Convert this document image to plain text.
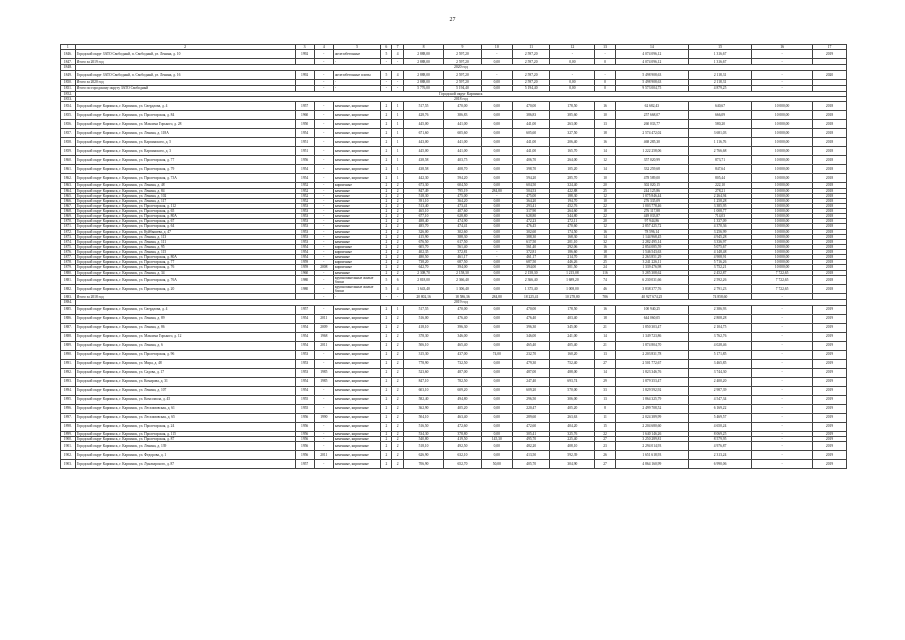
27
1	2	3	4	5	6	7	8	9	10	11	12	13	14	15	16	17
1846.	Городской округ ЗАТО Свободный, п. Свободный, ул. Ленина, д. 10	1992	-	железобетонные	5	4	2 888,00	2 597,20	-	2 597,20	-	-	4 074 096,12	1 316,67	-	2019
1847.	Итого за 2019 год		-	-	-	-	2 888,00	2 597,20	0,00	2 597,20	0,00	0	4 074 096,12	1 316,67	-	
1848.	2020 год															
1849.	Городской округ ЗАТО Свободный, п. Свободный, ул. Ленина, д. 16	1992	-	железобетонные плиты	5	4	2 888,00	2 597,20	-	2 597,20	-	-	5 498 908,63	2 118,31	-	2020
1850.	Итого за 2020 год		-	-	-	-	2 888,00	2 597,20	0,00	2 597,20	0,00	0	5 498 908,63	2 118,31	-	
1851.	Итого по городскому округу ЗАТО Свободный		-	-	-	-	5 776,00	5 194,40	0,00	5 194,40	0,00	0	9 573 004,75	4 879,25	-	
1852.	Городской округ Карпинск															
1853.	2018 год															
1854.	Городской округ Карпинск, г. Карпинск, ул. Свердлова, д. 4	1957	-	каменные, кирпичные	2	1	517,55	470,00	0,00	470,00	178,50	16	62 682,43	640,67	10 000,00	2018
1855.	Городской округ Карпинск, г. Карпинск, ул. Пролетарская, д. 84	1960	-	каменные, кирпичные	2	1	428,76	386,83	0,00	386,83	385,60	10	257 668,07	666,09	10 000,00	2018
1856.	Городской округ Карпинск, г. Карпинск, ул. Максима Горького, д. 28	1950	-	каменные, кирпичные	2	1	445,00	441,00	0,00	441,00	263,00	13	260 033,77	580,20	10 000,00	2018
1857.	Городской округ Карпинск, г. Карпинск, ул. Ленина, д. 118А	1954	-	каменные, кирпичные	2	1	671,60	605,60	0,00	605,60	327,50	18	2 574 472,02	3 681,03	10 000,00	2018
1858.	Городской округ Карпинск, г. Карпинск, ул. Карпинского, д. 5	1951	-	каменные, кирпичные	2	1	443,00	441,00	0,00	441,00	206,40	16	468 285,30	1 116,76	10 000,00	2018
1859.	Городской округ Карпинск, г. Карпинск, ул. Карпинского, д. 3	1951	-	каменные, кирпичные	2	1	445,00	441,00	0,00	441,00	165,70	14	1 222 258,06	2 766,68	10 000,00	2018
1860.	Городской округ Карпинск, г. Карпинск, ул. Пролетарская, д. 77	1956	-	каменные, кирпичные	2	1	438,58	403,75	0,00	406,70	264,00	12	357 020,99	873,71	10 000,00	2018
1861.	Городской округ Карпинск, г. Карпинск, ул. Пролетарская, д. 79	1954	-	каменные, кирпичные	2	1	438,58	408,70	0,00	398,70	105,20	14	332 259,68	847,64	10 000,00	2018
1862.	Городской округ Карпинск, г. Карпинск, ул. Пролетарская, д. 73А	1954	-	каменные, кирпичные	2	1	442,30	594,20	0,00	594,20	285,70	10	478 589,00	805,44	10 000,00	2018
1863.	Городской округ Карпинск, г. Карпинск, ул. Ленина, д. 48	1952	-	кирпичные	2	2	673,30	604,50	0,00	604,50	324,40	20	302 020,15	222,10	10 000,00	2018
1864.	Городской округ Карпинск, г. Карпинск, ул. Ленина, д. 84	1952	-	каменные	2	2	847,49	795,19	284,80	504,53	422,88	25	244 125,86	278,21	10 000,00	2018
1865.	Городской округ Карпинск, г. Карпинск, ул. Ленина, д. 102	1952	-	каменные	2	2	518,30	475,00	-	475,00	188,30	12	1 075 846,44	2 264,94	10 000,00	2018
1866.	Городской округ Карпинск, г. Карпинск, ул. Ленина, д. 117	1952	-	каменные	2	2	391,10	364,20	0,00	364,20	194,70	10	276 335,09	1 258,28	10 000,00	2018
1867.	Городской округ Карпинск, г. Карпинск, ул. Пролетарская, д. 112	1953	-	каменные	2	2	513,40	473,41	0,00	293,41	452,76	22	1 003 778,46	3 385,95	10 000,00	2018
1868.	Городской округ Карпинск, г. Карпинск, ул. Пролетарская, д. 65	1953	-	каменные	2	2	465,10	407,60	0,00	317,90	264,60	18	276 117,88	1 008,77	10 000,00	2018
1869.	Городской округ Карпинск, г. Карпинск, ул. Пролетарская, д. 80А	1953	-	каменные	2	2	677,10	628,80	0,00	628,80	344,80	22	449 033,87	714,03	10 000,00	2018
1870.	Городской округ Карпинск, г. Карпинск, ул. Пролетарская, д. 67	1953	-	каменные	2	2	488,40	474,90	0,00	472,23	272,11	20	97 944,86	1 337,09	10 000,00	2018
1871.	Городской округ Карпинск, г. Карпинск, ул. Пролетарская, д. 64	1953	-	каменные	2	2	485,70	474,41	0,00	476,45	470,60	12	2 857 425,72	4 370,36	10 000,00	2018
1872.	Городской округ Карпинск, г. Карпинск, ул. Куйбышева, д. 47	1953	-	каменные	2	2	326,00	302,60	0,00	302,60	174,50	16	78 596,14	3 256,99	10 000,00	2018
1873.	Городской округ Карпинск, г. Карпинск, ул. Ленина, д. 113	1953	-	каменные	2	2	415,90	388,30	0,00	388,30	168,30	14	1 144 968,45	4 945,28	10 000,00	2018
1874.	Городской округ Карпинск, г. Карпинск, ул. Ленина, д. 111	1953	-	каменные	2	2	676,50	617,50	0,00	617,50	201,10	32	2 282 495,14	3 336,97	10 000,00	2018
1875.	Городской округ Карпинск, г. Карпинск, ул. Ленина, д. 95	1954	-	кирпичные	2	2	605,70	561,40	0,00	561,40	292,06	16	2 854 085,59	5 075,67	10 000,00	2018
1876.	Городской округ Карпинск, г. Карпинск, ул. Ленина, д. 115	1954	-	кирпичные	2	2	402,35	372,81	-	372,81	186,60	18	1 546 543,63	4 148,48	10 000,00	2018
1877.	Городской округ Карпинск, г. Карпинск, ул. Пролетарская, д. 80А	1954	-	каменные	2	2	480,50	461,17	-	461,17	214,70	18	2 263 851,29	4 908,91	10 000,00	2018
1878.	Городской округ Карпинск, г. Карпинск, ул. Пролетарская, д. 77	1959	-	кирпичные	2	2	738,20	687,50	0,00	687,50	446,26	25	3 241 226,11	5 716,26	10 000,00	2018
1879.	Городской округ Карпинск, г. Карпинск, ул. Пролетарская, д. 76	1959	2008	кирпичные	2	2	642,70	394,00	0,00	394,00	301,50	24	1 339 476,98	3 752,21	10 000,00	2018
1880.	Городской округ Карпинск, г. Карпинск, ул. Ленина, д. 34	1960	-	каменные	2	2	2 308,70	2 158,30	0,00	2 158,30	1 215,08	116	5 285 308,62	2 452,87	7 722,65	2018
1881.	Городской округ Карпинск, г. Карпинск, ул. Пролетарская, д. 76А	1980	-	крупнопанельные жилые блоки	5	6	2 818,00	2 366,40	0,00	2 366,40	1 689,20	74	6 230 031,66	2 592,26	7 722,65	2018
1882.	Городской округ Карпинск, г. Карпинск, ул. Пролетарская, д. 20	1980	-	крупнопанельные жилые блоки	5	4	1 643,40	1 306,40	0,00	1 375,40	1 008,00	46	3 838 377,76	2 791,23	7 722,65	2018
1883.	Итого за 2018 год		-	-	-	-	20 802,16	18 586,36	284,80	18 225,41	10 278,80	786	40 927 674,25	74 858,60	-	
1884.	2019 год															
1885.	Городской округ Карпинск, г. Карпинск, ул. Свердлова, д. 4	1957	-	каменные, кирпичные	2	1	517,55	470,00	0,00	470,00	178,50	16	100 940,25	2 386,93	-	2019
1886.	Городской округ Карпинск, г. Карпинск, ул. Ленина, д. 89	1954	2011	каменные, кирпичные	2	2	516,00	476,40	0,00	476,40	403,40	18	644 060,05	2 808,28	-	2019
1887.	Городской округ Карпинск, г. Карпинск, ул. Ленина, д. 86	1954	2009	каменные, кирпичные	2	2	418,10	396,30	0,00	396,30	345,00	21	1 850 303,47	2 104,75	-	2019
1888.	Городской округ Карпинск, г. Карпинск, ул. Максима Горького, д. 12	1954	1968	каменные, кирпичные	2	2	378,30	346,00	0,00	346,00	241,00	14	1 349 723,86	3 762,76	-	2019
1889.	Городской округ Карпинск, г. Карпинск, ул. Ленина, д. 6	1954	2011	каменные, кирпичные	2	2	506,10	465,40	0,00	465,40	405,40	21	1 874 804,70	4 028,46	-	2019
1890.	Городской округ Карпинск, г. Карпинск, ул. Пролетарская, д. 96	1953	-	каменные, кирпичные	2	2	315,30	437,00	74,00	232,70	160,20	13	2 203 831,78	5 171,85	-	2019
1891.	Городской округ Карпинск, г. Карпинск, ул. Мира, д. 48	1953	-	каменные, кирпичные	2	2	778,90	732,50	0,00	479,30	752,40	27	2 501 772,67	3 465,85	-	2019
1892.	Городской округ Карпинск, г. Карпинск, ул. Садова, д. 17	1953	1985	каменные, кирпичные	2	2	523,60	487,00	0,00	487,00	488,00	14	1 823 346,76	3 744,30	-	2019
1893.	Городской округ Карпинск, г. Карпинск, ул. Комарова, д. 31	1954	1985	каменные, кирпичные	2	2	847,10	782,50	0,00	247,40	693,74	29	1 879 353,47	2 400,20	-	2019
1894.	Городской округ Карпинск, г. Карпинск, ул. Ленина, д. 107	1954	-	каменные, кирпичные	2	2	603,10	609,20	0,00	609,20	570,00	33	1 829 592,92	2 987,39	-	2019
1895.	Городской округ Карпинск, г. Карпинск, ул. Комсомола, д. 45	1955	-	каменные, кирпичные	2	2	582,40	494,80	0,00	296,50	306,00	13	1 864 325,79	4 547,34	-	2019
1896.	Городской округ Карпинск, г. Карпинск, ул. Лесхимовская, д. 61	1955	-	каменные, кирпичные	2	2	362,90	405,20	0,00	220,47	405,20	8	2 499 708,52	6 169,22	-	2019
1897.	Городской округ Карпинск, г. Карпинск, ул. Лесхимовская, д. 65	1956	1990	каменные, кирпичные	2	2	504,10	463,40	0,00	289,60	263,63	11	2 024 389,99	5 469,57	-	2019
1898.	Городской округ Карпинск, г. Карпинск, ул. Пролетарская, д. 24	1956	-	каменные, кирпичные	2	2	516,50	472,60	0,00	472,60	404,20	15	2 204 680,60	4 650,24	-	2019
1899.	Городской округ Карпинск, г. Карпинск, ул. Пролетарская, д. 115	1956	-	каменные, кирпичные	2	2	534,30	378,80	0,00	305,41	325,76	22	1 640 146,26	8 069,25	-	2019
1900.	Городской округ Карпинск, г. Карпинск, ул. Пролетарская, д. 87	1956	-	каменные, кирпичные	2	2	540,80	419,50	145,30	495,70	225,40	27	3 250 289,81	8 579,95	-	2019
1901.	Городской округ Карпинск, г. Карпинск, ул. Ленина, д. 139	1956	-	каменные, кирпичные	2	2	518,10	492,50	0,00	482,20	408,10	23	2 294 014,93	4 976,87	-	2019
1902.	Городской округ Карпинск, г. Карпинск, ул. Федорова, д. 1	1956	2011	каменные, кирпичные	2	2	626,90	632,10	0,00	413,50	592,39	26	1 651 618,93	2 313,24	-	2019
1903.	Городской округ Карпинск, г. Карпинск, ул. Луначарского, д. 87	1957	-	каменные, кирпичные	2	2	706,90	652,70	50,00	405,70	304,90	27	4 864 160,99	6 990,06	-	2019
